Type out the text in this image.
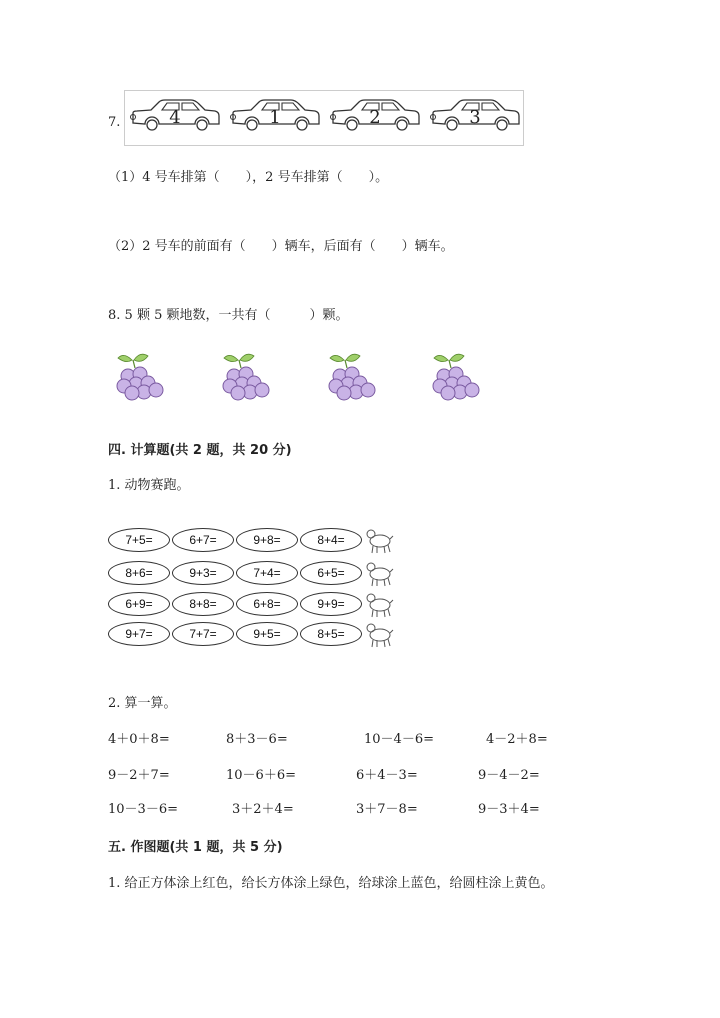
7.	4	1	2	3
（1）4 号车排第（　　），2 号车排第（　　）。
（2）2 号车的前面有（　　）辆车，后面有（　　）辆车。
8. 5 颗 5 颗地数，一共有（　　　）颗。
四. 计算题(共 2 题，共 20 分)
1. 动物赛跑。
7+5=	6+7=	9+8=	8+4=
8+6=	9+3=	7+4=	6+5=
6+9=	8+8=	6+8=	9+9=
9+7=	7+7=	9+5=	8+5=
2. 算一算。
4＋0＋8=	8＋3－6=	10－4－6=	4－2＋8=
9－2＋7=	10－6＋6=	6＋4－3=	9－4－2=
10－3－6=	3＋2＋4=	3＋7－8=	9－3＋4=
五. 作图题(共 1 题，共 5 分)
1. 给正方体涂上红色，给长方体涂上绿色，给球涂上蓝色，给圆柱涂上黄色。
